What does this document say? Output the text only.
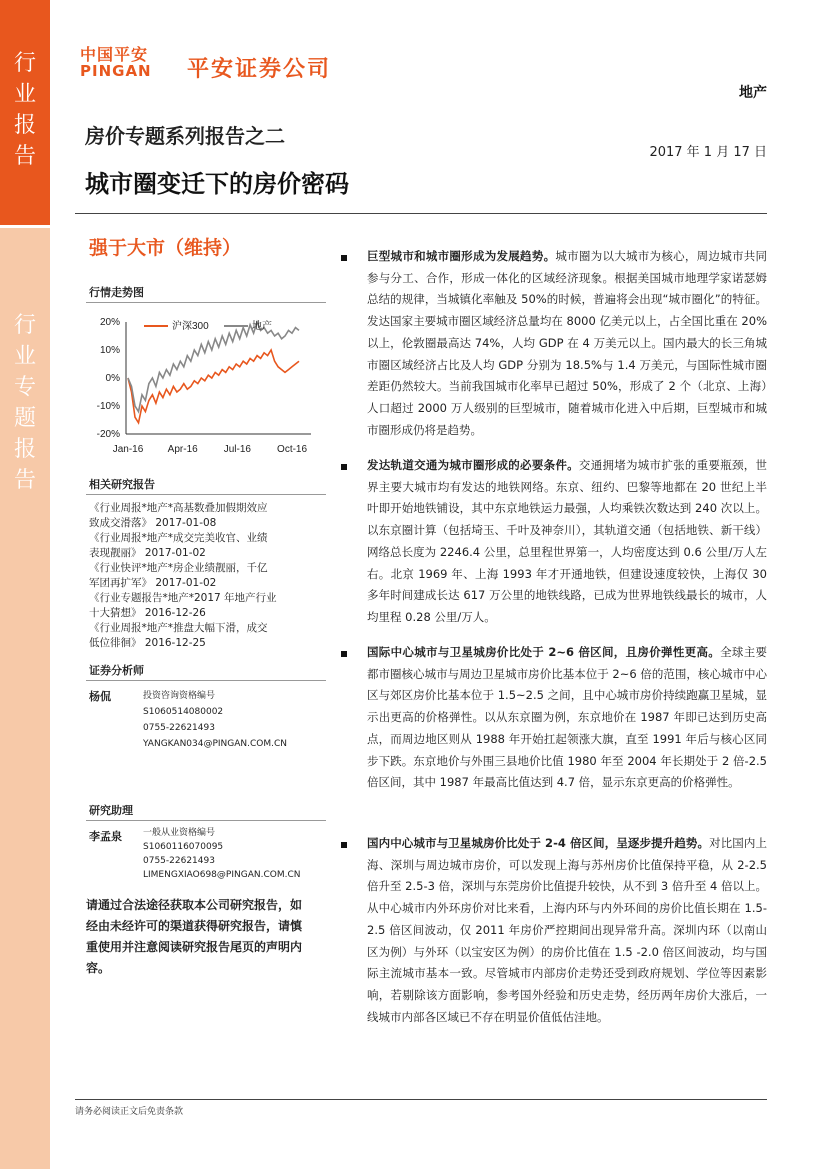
行
业
报
告
行
业
专
题
报
告
中国平安
PINGAN 平安证券公司
地产
房价专题系列报告之二
2017 年 1 月 17 日
城市圈变迁下的房价密码
强于大市（维持）
行情走势图
20%
10%
0%
-10%
-20%
Jan-16 Apr-16	Jul-16	Oct-16
沪深300	地产
相关研究报告
《行业周报*地产*高基数叠加假期效应
致成交滑落》 2017-01-08
《行业周报*地产*成交完美收官、业绩
表现靓丽》 2017-01-02
《行业快评*地产*房企业绩靓丽，千亿
军团再扩军》 2017-01-02
《行业专题报告*地产*2017 年地产行业
十大猜想》 2016-12-26
《行业周报*地产*推盘大幅下滑，成交
低位徘徊》 2016-12-25
证券分析师
杨侃	投资咨询资格编号
S1060514080002
0755-22621493
YANGKAN034@PINGAN.COM.CN
研究助理
李孟泉 一般从业资格编号
S1060116070095
0755-22621493
LIMENGXIAO698@PINGAN.COM.CN
请通过合法途径获取本公司研究报告，如经由未经许可的渠道获得研究报告，请慎重使用并注意阅读研究报告尾页的声明内容。
巨型城市和城市圈形成为发展趋势。城市圈为以大城市为核心，周边城市共同参与分工、合作，形成一体化的区域经济现象。根据美国城市地理学家诺瑟姆总结的规律，当城镇化率触及 50%的时候，普遍将会出现“城市圈化”的特征。发达国家主要城市圈区域经济总量均在 8000 亿美元以上，占全国比重在 20%以上，伦敦圈最高达 74%，人均 GDP 在 4 万美元以上。国内最大的长三角城市圈区域经济占比及人均 GDP 分别为 18.5%与 1.4 万美元，与国际性城市圈差距仍然较大。当前我国城市化率早已超过 50%，形成了 2 个（北京、上海）人口超过 2000 万人级别的巨型城市，随着城市化进入中后期，巨型城市和城市圈形成仍将是趋势。
发达轨道交通为城市圈形成的必要条件。交通拥堵为城市扩张的重要瓶颈，世界主要大城市均有发达的地铁网络。东京、纽约、巴黎等地都在 20 世纪上半叶即开始地铁铺设，其中东京地铁运力最强，人均乘铁次数达到 240 次以上。以东京圈计算（包括埼玉、千叶及神奈川），其轨道交通（包括地铁、新干线）网络总长度为 2246.4 公里，总里程世界第一，人均密度达到 0.6 公里/万人左右。北京 1969 年、上海 1993 年才开通地铁，但建设速度较快，上海仅 30 多年时间建成长达 617 万公里的地铁线路，已成为世界地铁线最长的城市，人均里程 0.28 公里/万人。
国际中心城市与卫星城房价比处于 2~6 倍区间，且房价弹性更高。全球主要都市圈核心城市与周边卫星城市房价比基本位于 2~6 倍的范围，核心城市中心区与郊区房价比基本位于 1.5~2.5 之间，且中心城市房价持续跑赢卫星城，显示出更高的价格弹性。以从东京圈为例，东京地价在 1987 年即已达到历史高点，而周边地区则从 1988 年开始扛起领涨大旗，直至 1991 年后与核心区同步下跌。东京地价与外围三县地价比值 1980 年至 2004 年长期处于 2 倍-2.5 倍区间，其中 1987 年最高比值达到 4.7 倍，显示东京更高的价格弹性。
国内中心城市与卫星城房价比处于 2-4 倍区间，呈逐步提升趋势。对比国内上海、深圳与周边城市房价，可以发现上海与苏州房价比值保持平稳，从 2-2.5 倍升至 2.5-3 倍，深圳与东莞房价比值提升较快，从不到 3 倍升至 4 倍以上。从中心城市内外环房价对比来看，上海内环与内外环间的房价比值长期在 1.5-2.5 倍区间波动，仅 2011 年房价严控期间出现异常升高。深圳内环（以南山区为例）与外环（以宝安区为例）的房价比值在 1.5 -2.0 倍区间波动，均与国际主流城市基本一致。尽管城市内部房价走势还受到政府规划、学位等因素影响，若剔除该方面影响，参考国外经验和历史走势，经历两年房价大涨后，一线城市内部各区域已不存在明显价值低估洼地。
请务必阅读正文后免责条款
